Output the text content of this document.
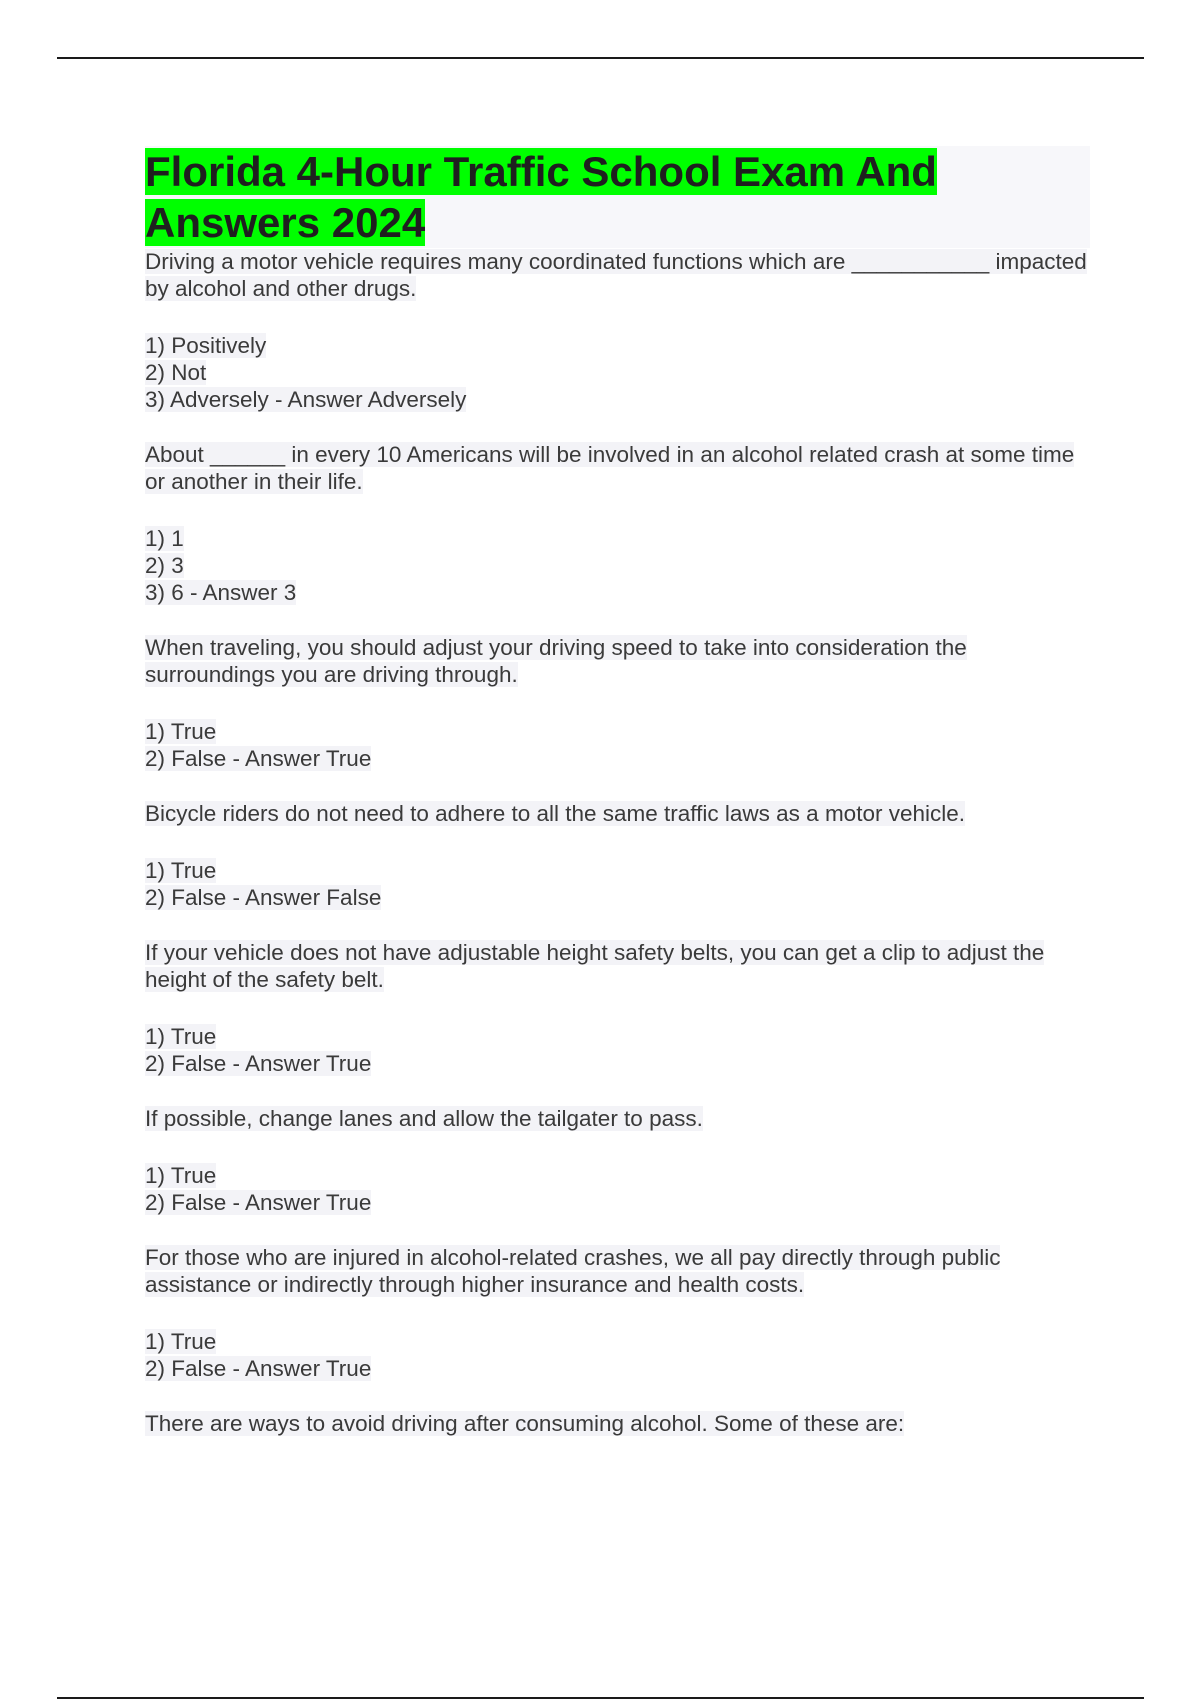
Florida 4-Hour Traffic School Exam And Answers 2024

Driving a motor vehicle requires many coordinated functions which are ___________ impacted by alcohol and other drugs.

1) Positively

2) Not

3) Adversely - Answer Adversely

About ______ in every 10 Americans will be involved in an alcohol related crash at some time or another in their life.

1) 1

2) 3

3) 6 - Answer 3

When traveling, you should adjust your driving speed to take into consideration the surroundings you are driving through.

1) True

2) False - Answer True

Bicycle riders do not need to adhere to all the same traffic laws as a motor vehicle.

1) True

2) False - Answer False

If your vehicle does not have adjustable height safety belts, you can get a clip to adjust the height of the safety belt.

1) True

2) False - Answer True

If possible, change lanes and allow the tailgater to pass.

1) True

2) False - Answer True

For those who are injured in alcohol-related crashes, we all pay directly through public assistance or indirectly through higher insurance and health costs.

1) True

2) False - Answer True

There are ways to avoid driving after consuming alcohol. Some of these are:
